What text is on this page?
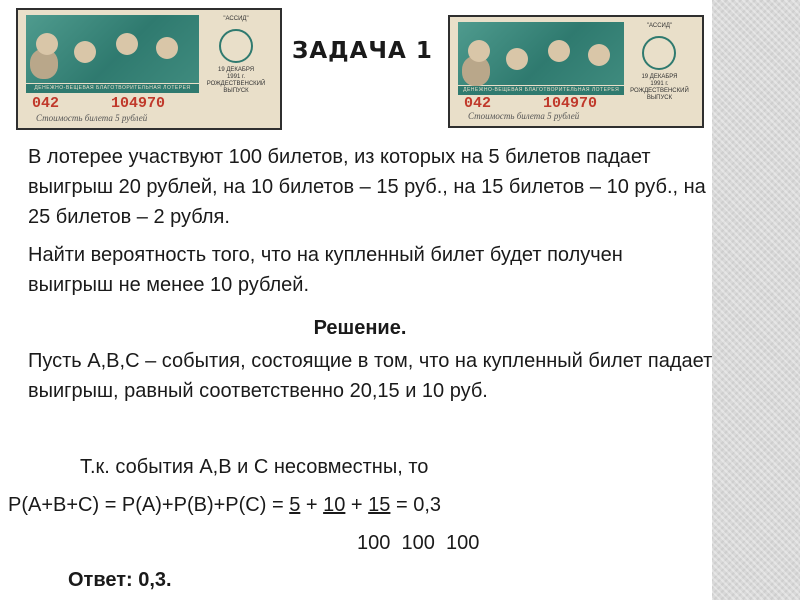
"АССИД"
19 ДЕКАБРЯ
1991 г.
РОЖДЕСТВЕНСКИЙ ВЫПУСК
ДЕНЕЖНО-ВЕЩЕВАЯ БЛАГОТВОРИТЕЛЬНАЯ ЛОТЕРЕЯ
042	104970
Стоимость билета 5 рублей
"АССИД"
19 ДЕКАБРЯ
1991 г.
РОЖДЕСТВЕНСКИЙ ВЫПУСК
ДЕНЕЖНО-ВЕЩЕВАЯ БЛАГОТВОРИТЕЛЬНАЯ ЛОТЕРЕЯ
042	104970
Стоимость билета 5 рублей
ЗАДАЧА 1

В лотерее участвуют 100 билетов, из которых на 5 билетов падает выигрыш 20 рублей, на 10 билетов – 15 руб., на 15 билетов – 10 руб., на 25 билетов – 2 рубля.

Найти вероятность того, что на купленный билет будет получен выигрыш не менее 10 рублей.

Решение.

Пусть А,В,С – события, состоящие в том, что на купленный билет падает выигрыш, равный соответственно 20,15 и 10 руб.

Т.к. события А,В и С несовместны, то

Р(А+В+С) = Р(А)+Р(В)+Р(С) = 5 + 10 + 15 = 0,3

100  100  100

Ответ: 0,3.
